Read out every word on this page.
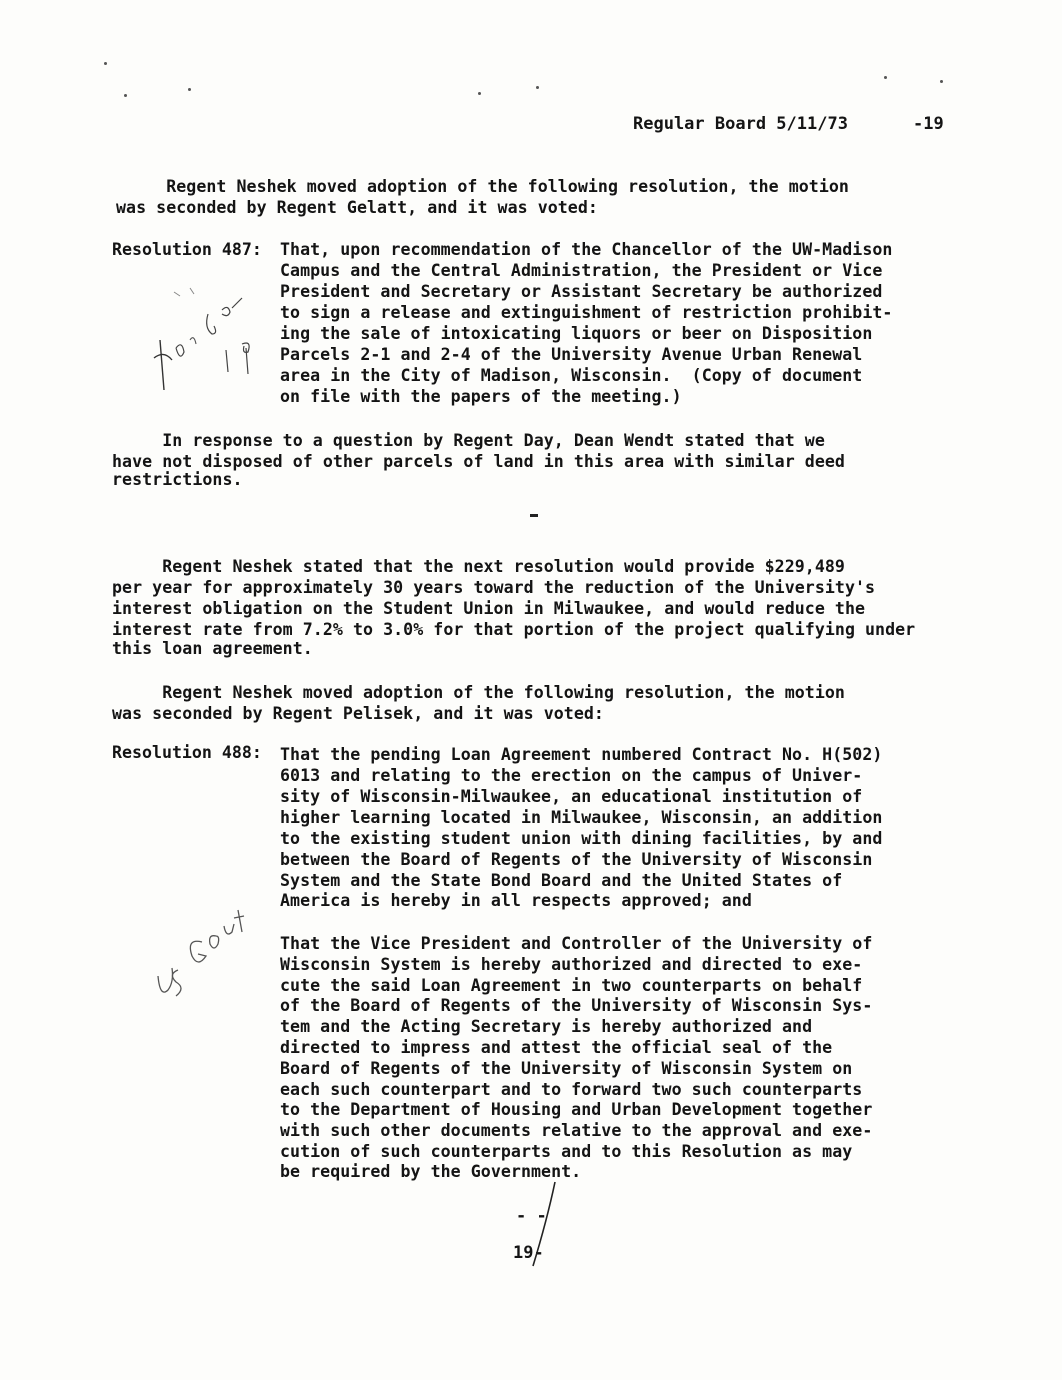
Regular Board 5/11/73	-19
Regent Neshek moved adoption of the following resolution, the motion
was seconded by Regent Gelatt, and it was voted:
Resolution 487: That, upon recommendation of the Chancellor of the UW-Madison
Campus and the Central Administration, the President or Vice
President and Secretary or Assistant Secretary be authorized
to sign a release and extinguishment of restriction prohibit-
ing the sale of intoxicating liquors or beer on Disposition
Parcels 2-1 and 2-4 of the University Avenue Urban Renewal
area in the City of Madison, Wisconsin.  (Copy of document
on file with the papers of the meeting.)
In response to a question by Regent Day, Dean Wendt stated that we
have not disposed of other parcels of land in this area with similar deed
restrictions.
Regent Neshek stated that the next resolution would provide $229,489
per year for approximately 30 years toward the reduction of the University's
interest obligation on the Student Union in Milwaukee, and would reduce the
interest rate from 7.2% to 3.0% for that portion of the project qualifying under
this loan agreement.
Regent Neshek moved adoption of the following resolution, the motion
was seconded by Regent Pelisek, and it was voted:
Resolution 488: That the pending Loan Agreement numbered Contract No. H(502)
6013 and relating to the erection on the campus of Univer-
sity of Wisconsin-Milwaukee, an educational institution of
higher learning located in Milwaukee, Wisconsin, an addition
to the existing student union with dining facilities, by and
between the Board of Regents of the University of Wisconsin
System and the State Bond Board and the United States of
America is hereby in all respects approved; and
That the Vice President and Controller of the University of
Wisconsin System is hereby authorized and directed to exe-
cute the said Loan Agreement in two counterparts on behalf
of the Board of Regents of the University of Wisconsin Sys-
tem and the Acting Secretary is hereby authorized and
directed to impress and attest the official seal of the
Board of Regents of the University of Wisconsin System on
each such counterpart and to forward two such counterparts
to the Department of Housing and Urban Development together
with such other documents relative to the approval and exe-
cution of such counterparts and to this Resolution as may
be required by the Government.
- -
19-
